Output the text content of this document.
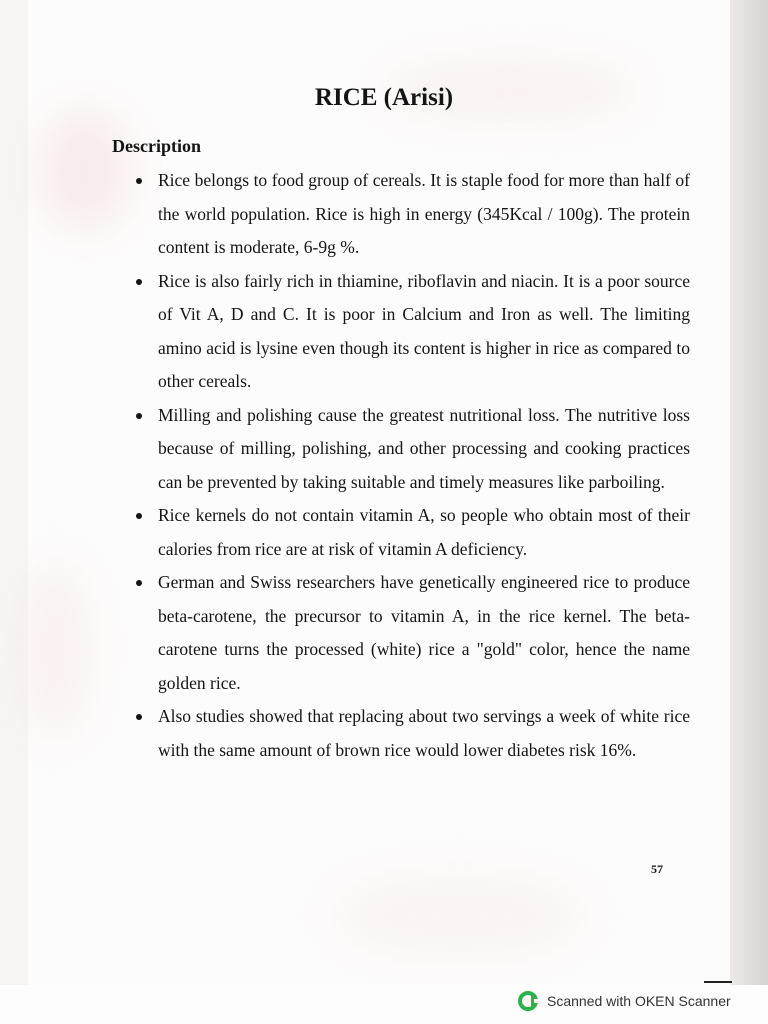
RICE (Arisi)
Description
Rice belongs to food group of cereals. It is staple food for more than half of the world population. Rice is high in energy (345Kcal / 100g). The protein content is moderate, 6-9g %.
Rice is also fairly rich in thiamine, riboflavin and niacin. It is a poor source of Vit A, D and C. It is poor in Calcium and Iron as well. The limiting amino acid is lysine even though its content is higher in rice as compared to other cereals.
Milling and polishing cause the greatest nutritional loss. The nutritive loss because of milling, polishing, and other processing and cooking practices can be prevented by taking suitable and timely measures like parboiling.
Rice kernels do not contain vitamin A, so people who obtain most of their calories from rice are at risk of vitamin A deficiency.
German and Swiss researchers have genetically engineered rice to produce beta-carotene, the precursor to vitamin A, in the rice kernel. The beta-carotene turns the processed (white) rice a "gold" color, hence the name golden rice.
Also studies showed that replacing about two servings a week of white rice with the same amount of brown rice would lower diabetes risk 16%.
57
Scanned with OKEN Scanner
